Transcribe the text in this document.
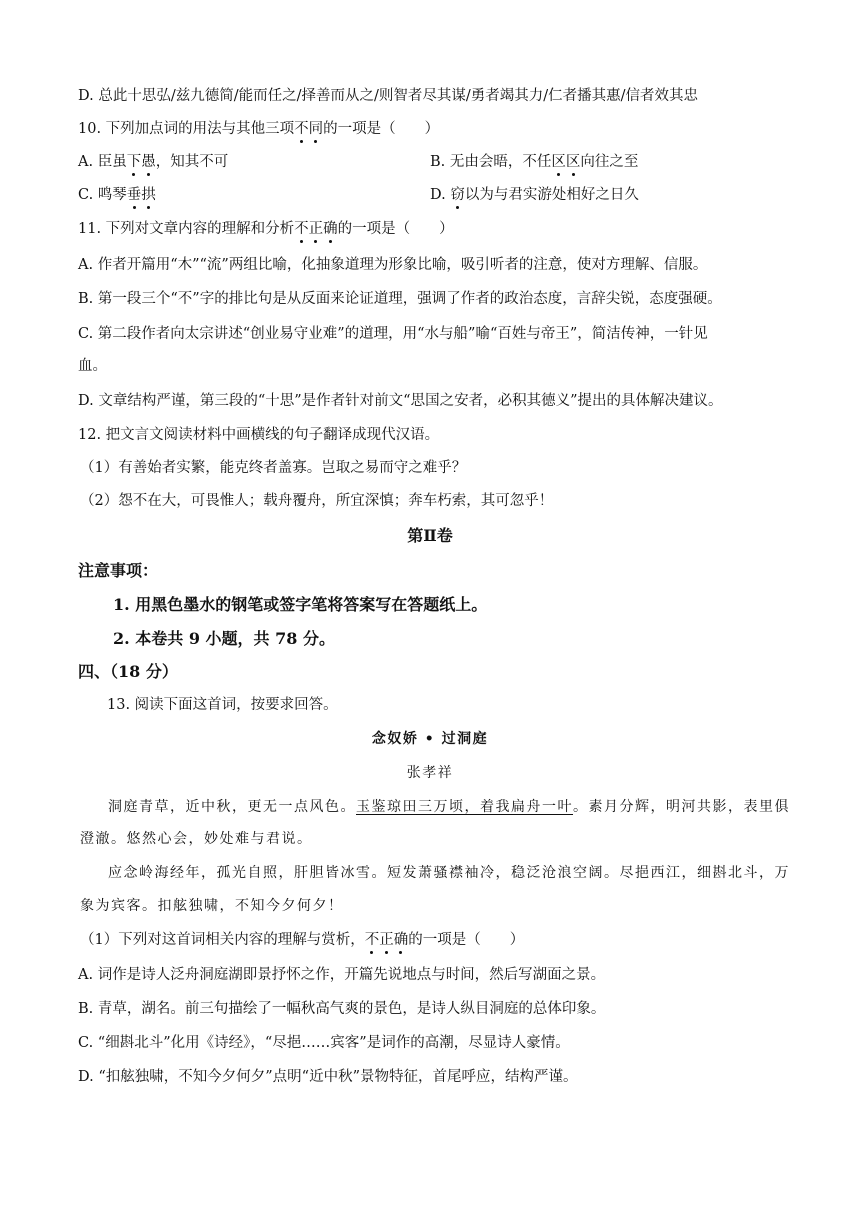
D. 总此十思弘/兹九德简/能而任之/择善而从之/则智者尽其谋/勇者竭其力/仁者播其惠/信者效其忠
10. 下列加点词的用法与其他三项不同的一项是（　　）
A. 臣虽下愚，知其不可	B. 无由会晤，不任区区向往之至
C. 鸣琴垂拱	D. 窃以为与君实游处相好之日久
11. 下列对文章内容的理解和分析不正确的一项是（　　）
A. 作者开篇用“木”“流”两组比喻，化抽象道理为形象比喻，吸引听者的注意，使对方理解、信服。
B. 第一段三个“不”字的排比句是从反面来论证道理，强调了作者的政治态度，言辞尖锐，态度强硬。
C. 第二段作者向太宗讲述“创业易守业难”的道理，用“水与船”喻“百姓与帝王”，简洁传神，一针见
血。
D. 文章结构严谨，第三段的“十思”是作者针对前文“思国之安者，必积其德义”提出的具体解决建议。
12. 把文言文阅读材料中画横线的句子翻译成现代汉语。
（1）有善始者实繁，能克终者盖寡。岂取之易而守之难乎？
（2）怨不在大，可畏惟人；载舟覆舟，所宜深慎；奔车朽索，其可忽乎！
第Ⅱ卷
注意事项：
1. 用黑色墨水的钢笔或签字笔将答案写在答题纸上。
2. 本卷共 9 小题，共 78 分。
四、（18 分）
13. 阅读下面这首词，按要求回答。
念奴娇 • 过洞庭
张孝祥
洞庭青草，近中秋，更无一点风色。玉鉴琼田三万顷，着我扁舟一叶。素月分辉，明河共影，表里俱
澄澈。悠然心会，妙处难与君说。
应念岭海经年，孤光自照，肝胆皆冰雪。短发萧骚襟袖冷，稳泛沧浪空阔。尽挹西江，细斟北斗，万
象为宾客。扣舷独啸，不知今夕何夕！
（1）下列对这首词相关内容的理解与赏析，不正确的一项是（　　）
A. 词作是诗人泛舟洞庭湖即景抒怀之作，开篇先说地点与时间，然后写湖面之景。
B. 青草，湖名。前三句描绘了一幅秋高气爽的景色，是诗人纵目洞庭的总体印象。
C. “细斟北斗”化用《诗经》，“尽挹……宾客”是词作的高潮，尽显诗人豪情。
D. “扣舷独啸，不知今夕何夕”点明“近中秋”景物特征，首尾呼应，结构严谨。
